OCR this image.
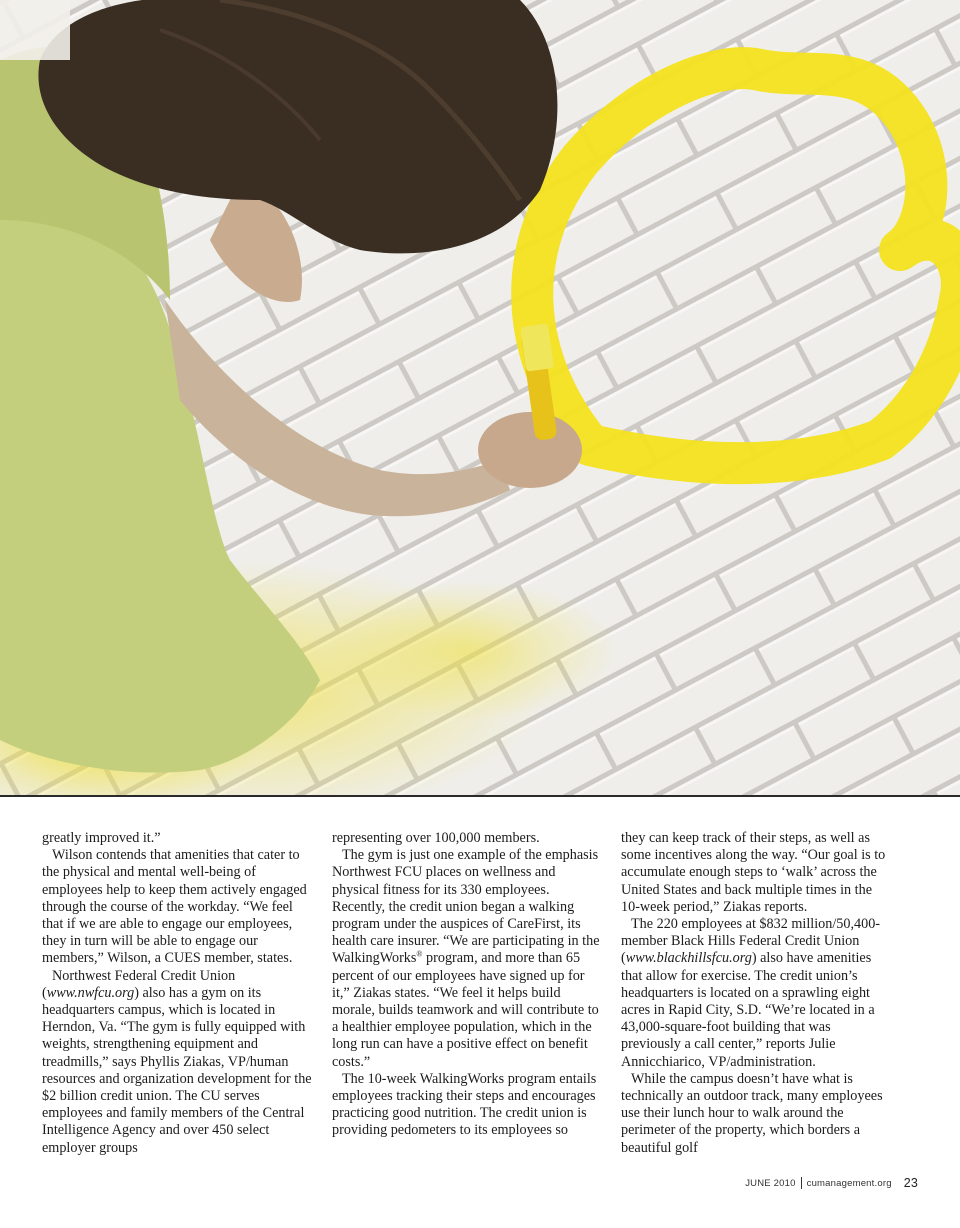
greatly improved it.”

Wilson contends that amenities that cater to the physical and mental well-being of employees help to keep them actively engaged through the course of the workday. “We feel that if we are able to engage our employees, they in turn will be able to engage our members,” Wilson, a CUES member, states.

Northwest Federal Credit Union (www.nwfcu.org) also has a gym on its headquarters campus, which is located in Herndon, Va. “The gym is fully equipped with weights, strengthening equipment and treadmills,” says Phyllis Ziakas, VP/human resources and organization development for the $2 billion credit union. The CU serves employees and family members of the Central Intelligence Agency and over 450 select employer groups

representing over 100,000 members.

The gym is just one example of the emphasis Northwest FCU places on wellness and physical fitness for its 330 employees. Recently, the credit union began a walking program under the auspices of CareFirst, its health care insurer. “We are participating in the WalkingWorks® program, and more than 65 percent of our employees have signed up for it,” Ziakas states. “We feel it helps build morale, builds teamwork and will contribute to a healthier employee population, which in the long run can have a positive effect on benefit costs.”

The 10-week WalkingWorks program entails employees tracking their steps and encourages practicing good nutrition. The credit union is providing pedometers to its employees so

they can keep track of their steps, as well as some incentives along the way. “Our goal is to accumulate enough steps to ‘walk’ across the United States and back multiple times in the 10-week period,” Ziakas reports.

The 220 employees at $832 million/50,400-member Black Hills Federal Credit Union (www.blackhillsfcu.org) also have amenities that allow for exercise. The credit union’s headquarters is located on a sprawling eight acres in Rapid City, S.D. “We’re located in a 43,000-square-foot building that was previously a call center,” reports Julie Annicchiarico, VP/administration.

While the campus doesn’t have what is technically an outdoor track, many employees use their lunch hour to walk around the perimeter of the property, which borders a beautiful golf

JUNE 2010 cumanagement.org 23
